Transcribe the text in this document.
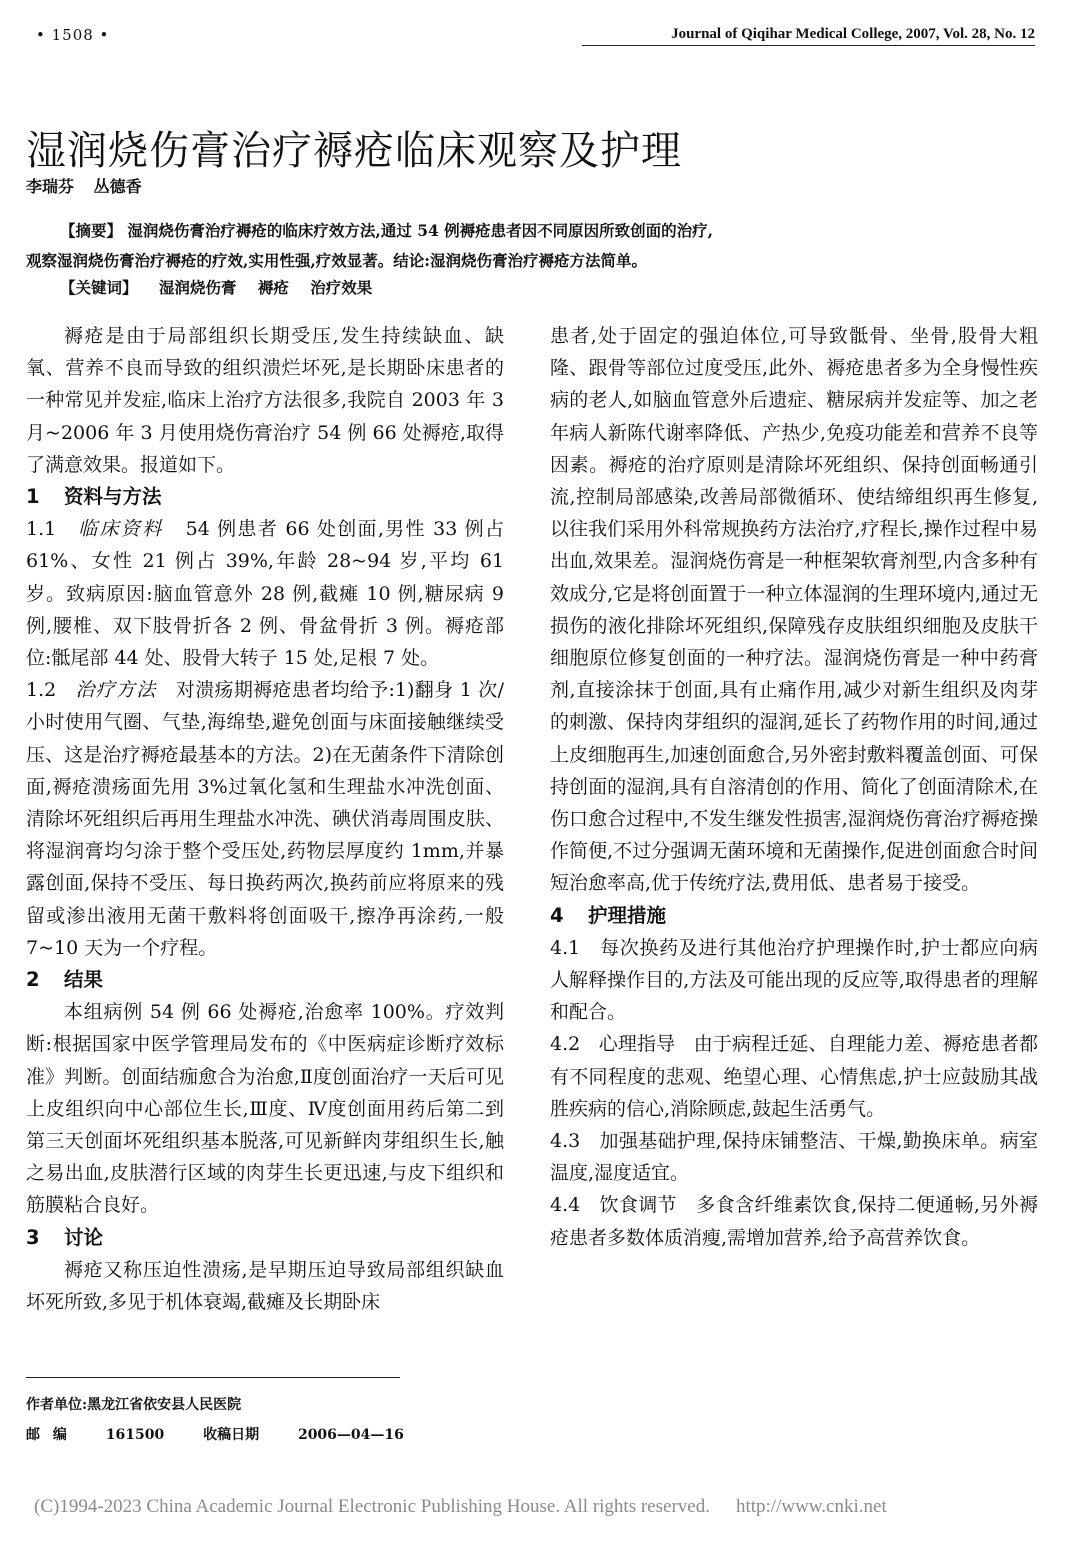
• 1508 •	Journal of Qiqihar Medical College, 2007, Vol. 28, No. 12
湿润烧伤膏治疗褥疮临床观察及护理
李瑞芬 丛德香
【摘要】 湿润烧伤膏治疗褥疮的临床疗效方法,通过 54 例褥疮患者因不同原因所致创面的治疗,
观察湿润烧伤膏治疗褥疮的疗效,实用性强,疗效显著。结论:湿润烧伤膏治疗褥疮方法简单。
【关键词】 湿润烧伤膏 褥疮 治疗效果

褥疮是由于局部组织长期受压,发生持续缺血、缺氧、营养不良而导致的组织溃烂坏死,是长期卧床患者的一种常见并发症,临床上治疗方法很多,我院自 2003 年 3 月~2006 年 3 月使用烧伤膏治疗 54 例 66 处褥疮,取得了满意效果。报道如下。

1 资料与方法

1.1 临床资料 54 例患者 66 处创面,男性 33 例占 61%、女性 21 例占 39%,年龄 28~94 岁,平均 61 岁。致病原因:脑血管意外 28 例,截瘫 10 例,糖尿病 9 例,腰椎、双下肢骨折各 2 例、骨盆骨折 3 例。褥疮部位:骶尾部 44 处、股骨大转子 15 处,足根 7 处。

1.2 治疗方法 对溃疡期褥疮患者均给予:1)翻身 1 次/小时使用气圈、气垫,海绵垫,避免创面与床面接触继续受压、这是治疗褥疮最基本的方法。2)在无菌条件下清除创面,褥疮溃疡面先用 3%过氧化氢和生理盐水冲洗创面、清除坏死组织后再用生理盐水冲洗、碘伏消毒周围皮肤、将湿润膏均匀涂于整个受压处,药物层厚度约 1mm,并暴露创面,保持不受压、每日换药两次,换药前应将原来的残留或渗出液用无菌干敷料将创面吸干,擦净再涂药,一般 7~10 天为一个疗程。

2 结果

本组病例 54 例 66 处褥疮,治愈率 100%。疗效判断:根据国家中医学管理局发布的《中医病症诊断疗效标准》判断。创面结痂愈合为治愈,Ⅱ度创面治疗一天后可见上皮组织向中心部位生长,Ⅲ度、Ⅳ度创面用药后第二到第三天创面坏死组织基本脱落,可见新鲜肉芽组织生长,触之易出血,皮肤潜行区域的肉芽生长更迅速,与皮下组织和筋膜粘合良好。

3 讨论

褥疮又称压迫性溃疡,是早期压迫导致局部组织缺血坏死所致,多见于机体衰竭,截瘫及长期卧床

患者,处于固定的强迫体位,可导致骶骨、坐骨,股骨大粗隆、跟骨等部位过度受压,此外、褥疮患者多为全身慢性疾病的老人,如脑血管意外后遗症、糖尿病并发症等、加之老年病人新陈代谢率降低、产热少,免疫功能差和营养不良等因素。褥疮的治疗原则是清除坏死组织、保持创面畅通引流,控制局部感染,改善局部微循环、使结缔组织再生修复,以往我们采用外科常规换药方法治疗,疗程长,操作过程中易出血,效果差。湿润烧伤膏是一种框架软膏剂型,内含多种有效成分,它是将创面置于一种立体湿润的生理环境内,通过无损伤的液化排除坏死组织,保障残存皮肤组织细胞及皮肤干细胞原位修复创面的一种疗法。湿润烧伤膏是一种中药膏剂,直接涂抹于创面,具有止痛作用,减少对新生组织及肉芽的刺激、保持肉芽组织的湿润,延长了药物作用的时间,通过上皮细胞再生,加速创面愈合,另外密封敷料覆盖创面、可保持创面的湿润,具有自溶清创的作用、简化了创面清除术,在伤口愈合过程中,不发生继发性损害,湿润烧伤膏治疗褥疮操作简便,不过分强调无菌环境和无菌操作,促进创面愈合时间短治愈率高,优于传统疗法,费用低、患者易于接受。

4 护理措施

4.1 每次换药及进行其他治疗护理操作时,护士都应向病人解释操作目的,方法及可能出现的反应等,取得患者的理解和配合。

4.2 心理指导 由于病程迁延、自理能力差、褥疮患者都有不同程度的悲观、绝望心理、心情焦虑,护士应鼓励其战胜疾病的信心,消除顾虑,鼓起生活勇气。

4.3 加强基础护理,保持床铺整洁、干燥,勤换床单。病室温度,湿度适宜。

4.4 饮食调节 多食含纤维素饮食,保持二便通畅,另外褥疮患者多数体质消瘦,需增加营养,给予高营养饮食。

作者单位:黑龙江省依安县人民医院
邮 编	161500	收稿日期	2006—04—16
(C)1994-2023 China Academic Journal Electronic Publishing House. All rights reserved. http://www.cnki.net
